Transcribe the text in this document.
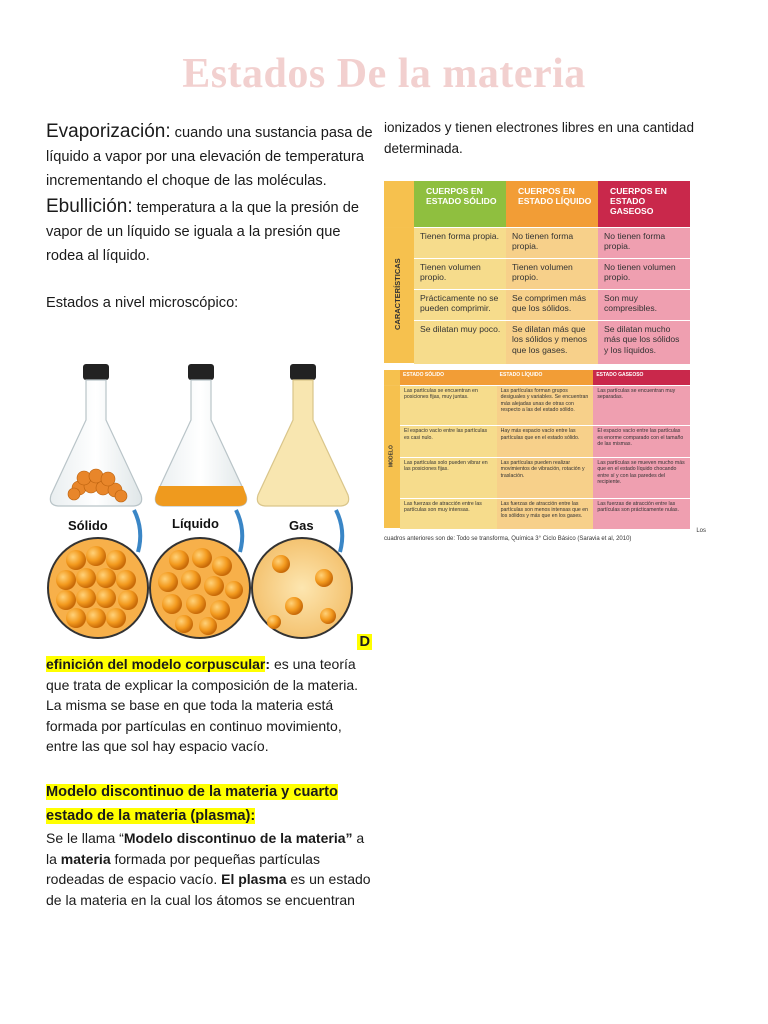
Estados De la materia

Evaporización: cuando una sustancia pasa de líquido a vapor por una elevación de temperatura incrementando el choque de las moléculas.

Ebullición: temperatura a la que la presión de vapor de un líquido se iguala a la presión que rodea al líquido.

Estados a nivel microscópico:

Sólido	Líquido	Gas
D

efinición del modelo corpuscular: es una teoría que trata de explicar la composición de la materia. La misma se base en que toda la materia está formada por partículas en continuo movimiento, entre las que sol hay espacio vacío.

Modelo discontinuo de la materia y cuarto estado de la materia (plasma):

Se le llama “Modelo discontinuo de la materia” a la materia formada por pequeñas partículas rodeadas de espacio vacío. El plasma es un estado de la materia en la cual los átomos se encuentran

ionizados y tienen electrones libres en una cantidad determinada.

	CUERPOS EN ESTADO SÓLIDO	CUERPOS EN ESTADO LÍQUIDO	CUERPOS EN ESTADO GASEOSO
CARACTERÍSTICAS	Tienen forma propia.	No tienen forma propia.	No tienen forma propia.
	Tienen volumen propio.	Tienen volumen propio.	No tienen volumen propio.
	Prácticamente no se pueden comprimir.	Se comprimen más que los sólidos.	Son muy compresibles.
	Se dilatan muy poco.	Se dilatan más que los sólidos y menos que los gases.	Se dilatan mucho más que los sólidos y los líquidos.
	ESTADO SÓLIDO	ESTADO LÍQUIDO	ESTADO GASEOSO
MODELO	Las partículas se encuentran en posiciones fijas, muy juntas.	Las partículas forman grupos desiguales y variables. Se encuentran más alejadas unas de otras con respecto a las del estado sólido.	Las partículas se encuentran muy separadas.
	El espacio vacío entre las partículas es casi nulo.	Hay más espacio vacío entre las partículas que en el estado sólido.	El espacio vacío entre las partículas es enorme comparado con el tamaño de las mismas.
	Las partículas solo pueden vibrar en las posiciones fijas.	Las partículas pueden realizar movimientos de vibración, rotación y traslación.	Las partículas se mueven mucho más que en el estado líquido chocando entre sí y con las paredes del recipiente.
	Las fuerzas de atracción entre las partículas son muy intensas.	Las fuerzas de atracción entre las partículas son menos intensas que en los sólidos y más que en los gases.	Las fuerzas de atracción entre las partículas son prácticamente nulas.
Los
cuadros anteriores son de: Todo se transforma, Química 3° Ciclo Básico (Saravia et al, 2010)
